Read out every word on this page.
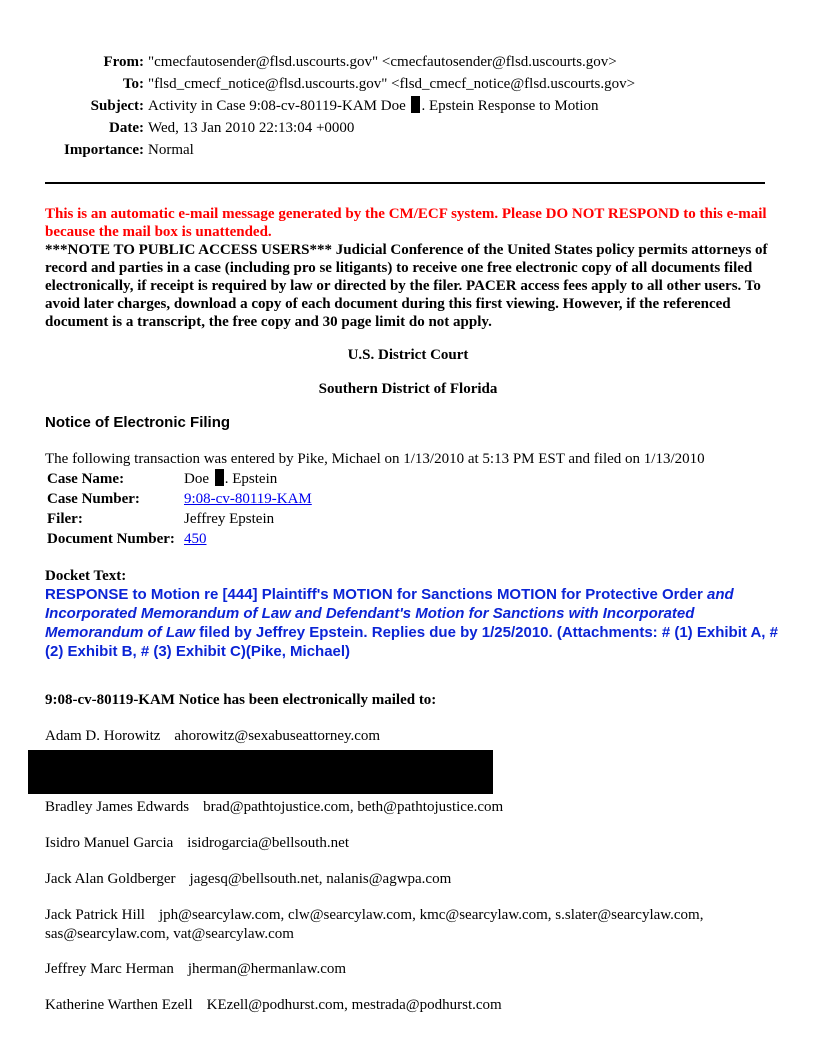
From: "cmecfautosender@flsd.uscourts.gov" <cmecfautosender@flsd.uscourts.gov>
To: "flsd_cmecf_notice@flsd.uscourts.gov" <flsd_cmecf_notice@flsd.uscourts.gov>
Subject: Activity in Case 9:08-cv-80119-KAM Doe . Epstein Response to Motion
Date: Wed, 13 Jan 2010 22:13:04 +0000
Importance: Normal
This is an automatic e-mail message generated by the CM/ECF system. Please DO NOT RESPOND to this e-mail because the mail box is unattended.
***NOTE TO PUBLIC ACCESS USERS*** Judicial Conference of the United States policy permits attorneys of record and parties in a case (including pro se litigants) to receive one free electronic copy of all documents filed electronically, if receipt is required by law or directed by the filer. PACER access fees apply to all other users. To avoid later charges, download a copy of each document during this first viewing. However, if the referenced document is a transcript, the free copy and 30 page limit do not apply.
U.S. District Court
Southern District of Florida
Notice of Electronic Filing
The following transaction was entered by Pike, Michael on 1/13/2010 at 5:13 PM EST and filed on 1/13/2010
Case Name:	Doe . Epstein
Case Number:	9:08-cv-80119-KAM
Filer:	Jeffrey Epstein
Document Number:	450
Docket Text:
RESPONSE to Motion re [444] Plaintiff's MOTION for Sanctions MOTION for Protective Order and Incorporated Memorandum of Law and Defendant's Motion for Sanctions with Incorporated Memorandum of Law filed by Jeffrey Epstein. Replies due by 1/25/2010. (Attachments: # (1) Exhibit A, # (2) Exhibit B, # (3) Exhibit C)(Pike, Michael)
9:08-cv-80119-KAM Notice has been electronically mailed to:
Adam D. Horowitz ahorowitz@sexabuseattorney.com
Bradley James Edwards brad@pathtojustice.com, beth@pathtojustice.com
Isidro Manuel Garcia isidrogarcia@bellsouth.net
Jack Alan Goldberger jagesq@bellsouth.net, nalanis@agwpa.com
Jack Patrick Hill jph@searcylaw.com, clw@searcylaw.com, kmc@searcylaw.com, s.slater@searcylaw.com, sas@searcylaw.com, vat@searcylaw.com
Jeffrey Marc Herman jherman@hermanlaw.com
Katherine Warthen Ezell KEzell@podhurst.com, mestrada@podhurst.com
